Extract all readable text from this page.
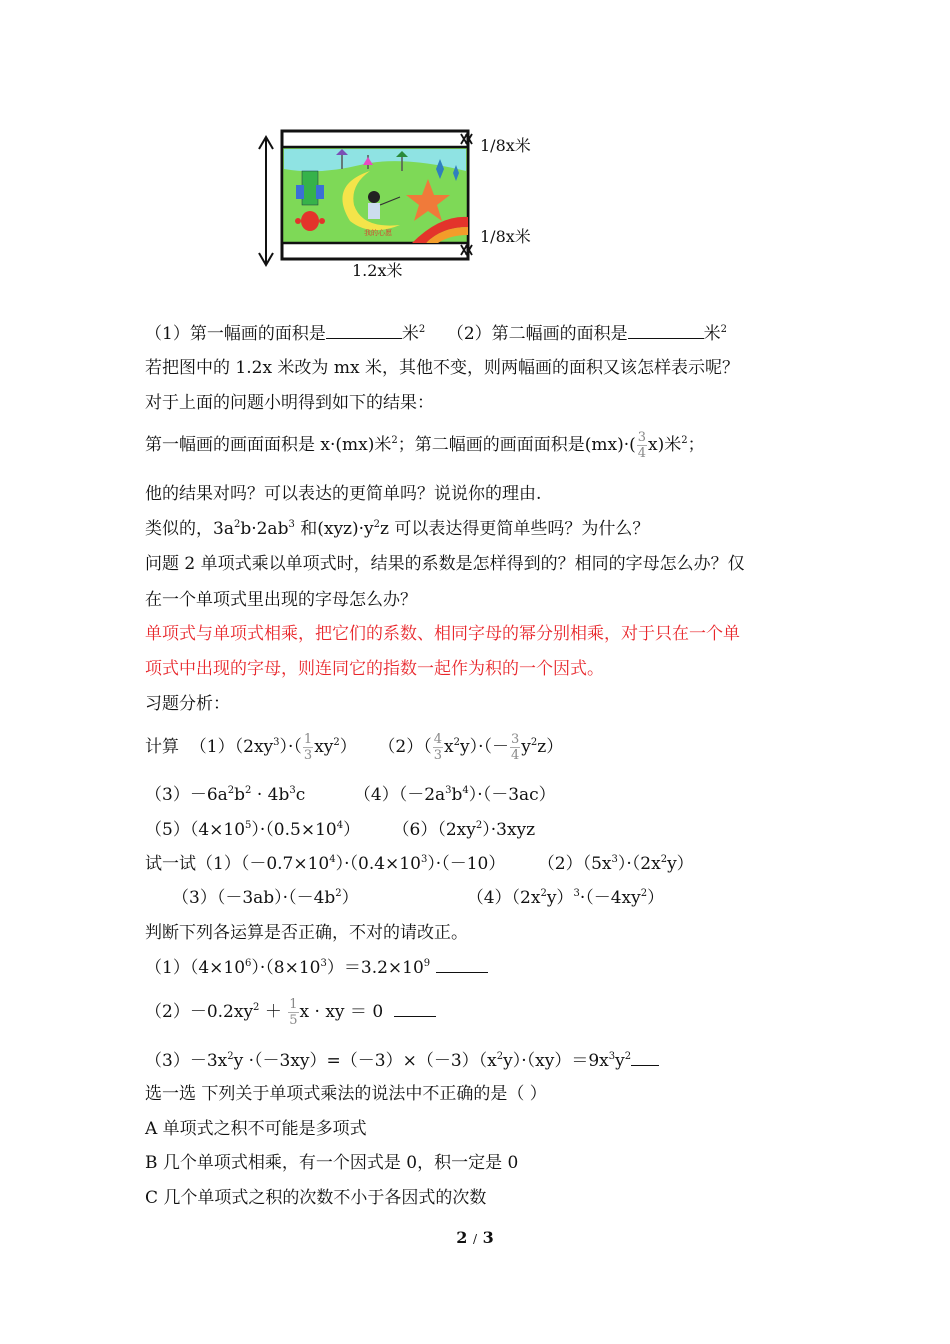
我的心愿
1/8x米
1/8x米
1.2x米
（1）第一幅画的面积是	米$^2$ （2）第二幅画的面积是	米$^2$
若把图中的 1.2x 米改为 mx 米，其他不变，则两幅画的面积又该怎样表示呢？
对于上面的问题小明得到如下的结果：
第一幅画的画面面积是 x·(mx)米$^2$；第二幅画的画面面积是$(mx)\cdot( \frac{3}{4} x)$米$^2$；
他的结果对吗？可以表达的更简单吗？说说你的理由.
类似的，$3a^2b\cdot 2ab^3$ 和$(xyz)\cdot y^2z$ 可以表达得更简单些吗？为什么？
问题 2 单项式乘以单项式时，结果的系数是怎样得到的？相同的字母怎么办？仅
在一个单项式里出现的字母怎么办？
单项式与单项式相乘，把它们的系数、相同字母的幂分别相乘，对于只在一个单
项式中出现的字母，则连同它的指数一起作为积的一个因式。
习题分析：
计算  $(1)(2xy^3)\cdot( \frac{1}{3} xy^2)$    $(2)( \frac{4}{3} x^2y)\cdot(- \frac{3}{4} y^2z)$
$(3)-6a^2b^2 \cdot 4b^3c$         $(4)(-2a^3b^4)\cdot(-3ac)$
$(5)(4\times 10^5)\cdot(0.5\times 10^4)$      $(6)(2xy^2)\cdot 3xyz$
试一试$(1)(-0.7\times 10^4)\cdot(0.4\times 10^3)\cdot(-10)$      $(2)(5x^3)\cdot(2x^2y)$
$(3)(-3ab)\cdot(-4b^2)$                    $(4)(2x^2y)^3\cdot(-4xy^2)$
判断下列各运算是否正确，不对的请改正。
$(1)(4\times 10^6)\cdot(8\times 10^3)=3.2\times 10^9$
$(2)-0.2xy^2 + \frac{1}{5}$ x · xy ＝ 0
$(3)-3x^2y \cdot(-3xy)=(-3)\times(-3)(x^2y)\cdot(xy)=9x^3y^2$
选一选 下列关于单项式乘法的说法中不正确的是（ ）
A 单项式之积不可能是多项式
B 几个单项式相乘，有一个因式是 0，积一定是 0
C 几个单项式之积的次数不小于各因式的次数
2 / 3
